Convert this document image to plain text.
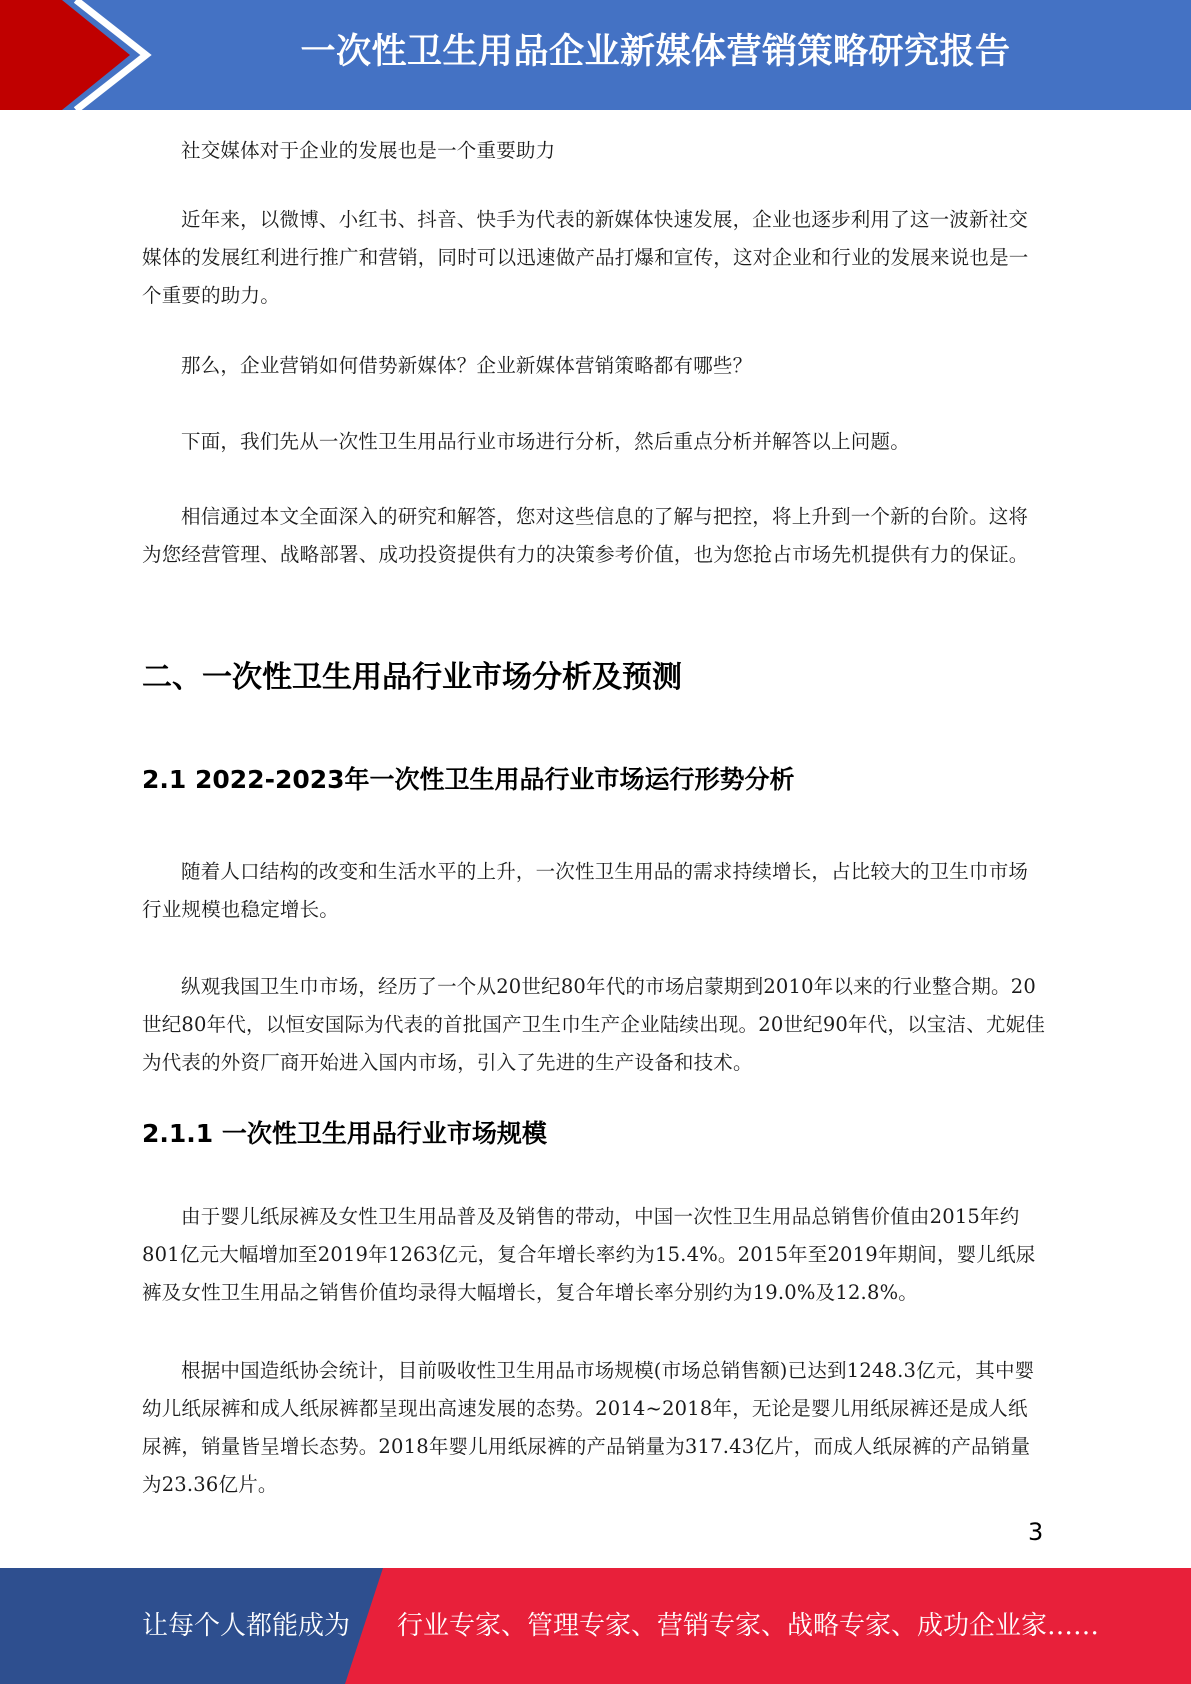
一次性卫生用品企业新媒体营销策略研究报告

社交媒体对于企业的发展也是一个重要助力

近年来，以微博、小红书、抖音、快手为代表的新媒体快速发展，企业也逐步利用了这一波新社交媒体的发展红利进行推广和营销，同时可以迅速做产品打爆和宣传，这对企业和行业的发展来说也是一个重要的助力。

那么，企业营销如何借势新媒体？企业新媒体营销策略都有哪些？

下面，我们先从一次性卫生用品行业市场进行分析，然后重点分析并解答以上问题。

相信通过本文全面深入的研究和解答，您对这些信息的了解与把控，将上升到一个新的台阶。这将为您经营管理、战略部署、成功投资提供有力的决策参考价值，也为您抢占市场先机提供有力的保证。

二、一次性卫生用品行业市场分析及预测
2.1 2022-2023年一次性卫生用品行业市场运行形势分析

随着人口结构的改变和生活水平的上升，一次性卫生用品的需求持续增长，占比较大的卫生巾市场行业规模也稳定增长。

纵观我国卫生巾市场，经历了一个从20世纪80年代的市场启蒙期到2010年以来的行业整合期。20世纪80年代，以恒安国际为代表的首批国产卫生巾生产企业陆续出现。20世纪90年代，以宝洁、尤妮佳为代表的外资厂商开始进入国内市场，引入了先进的生产设备和技术。

2.1.1 一次性卫生用品行业市场规模

由于婴儿纸尿裤及女性卫生用品普及及销售的带动，中国一次性卫生用品总销售价值由2015年约801亿元大幅增加至2019年1263亿元，复合年增长率约为15.4%。2015年至2019年期间，婴儿纸尿裤及女性卫生用品之销售价值均录得大幅增长，复合年增长率分别约为19.0%及12.8%。

根据中国造纸协会统计，目前吸收性卫生用品市场规模(市场总销售额)已达到1248.3亿元，其中婴幼儿纸尿裤和成人纸尿裤都呈现出高速发展的态势。2014~2018年，无论是婴儿用纸尿裤还是成人纸尿裤，销量皆呈增长态势。2018年婴儿用纸尿裤的产品销量为317.43亿片，而成人纸尿裤的产品销量为23.36亿片。

3
让每个人都能成为 行业专家、管理专家、营销专家、战略专家、成功企业家……
